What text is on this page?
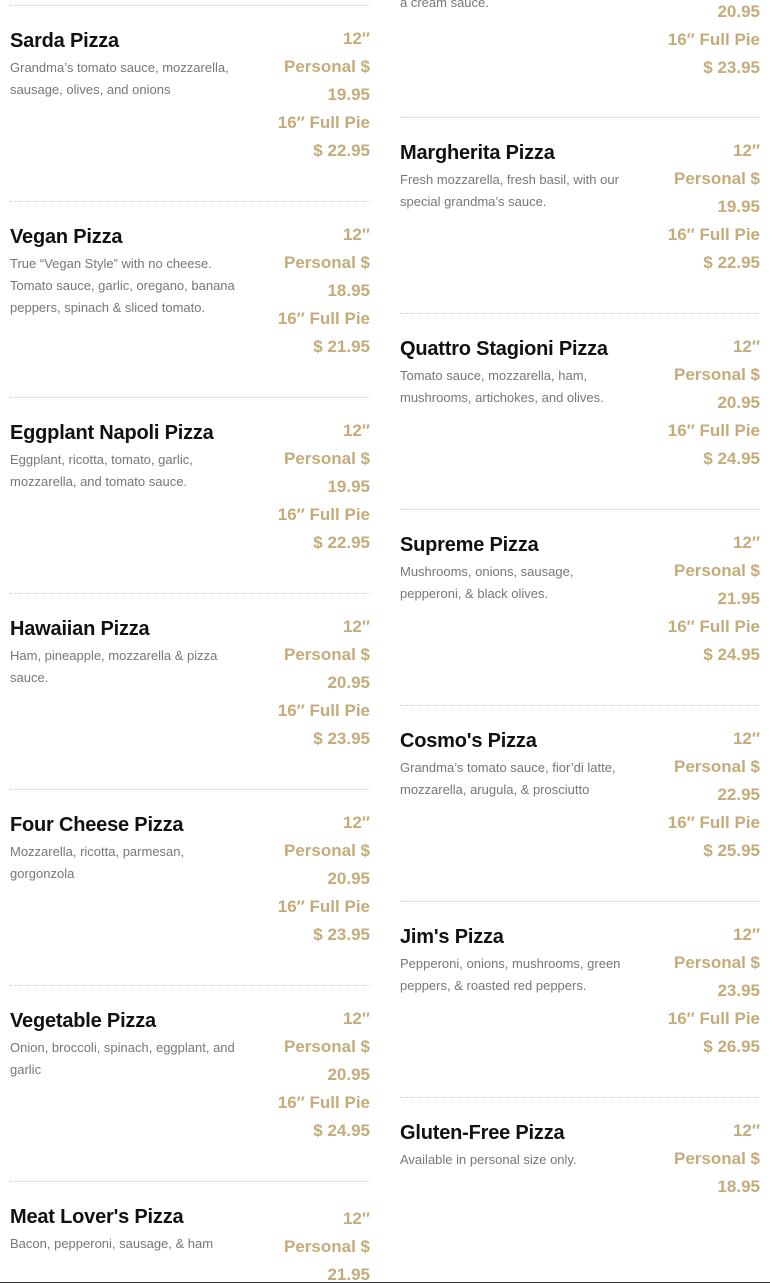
Sarda Pizza
Grandma’s tomato sauce, mozzarella, sausage, olives, and onions
12″
Personal $
19.95
16″ Full Pie
$ 22.95
Vegan Pizza
True “Vegan Style” with no cheese. Tomato sauce, garlic, oregano, banana peppers, spinach & sliced tomato.
12″
Personal $
18.95
16″ Full Pie
$ 21.95
Eggplant Napoli Pizza
Eggplant, ricotta, tomato, garlic, mozzarella, and tomato sauce.
12″
Personal $
19.95
16″ Full Pie
$ 22.95
Hawaiian Pizza
Ham, pineapple, mozzarella & pizza sauce.
12″
Personal $
20.95
16″ Full Pie
$ 23.95
Four Cheese Pizza
Mozzarella, ricotta, parmesan, gorgonzola
12″
Personal $
20.95
16″ Full Pie
$ 23.95
Vegetable Pizza
Onion, broccoli, spinach, eggplant, and garlic
12″
Personal $
20.95
16″ Full Pie
$ 24.95
Meat Lover's Pizza
Bacon, pepperoni, sausage, & ham
12″
Personal $
21.95
a cream sauce.	20.95
16″ Full Pie
$ 23.95
Margherita Pizza
Fresh mozzarella, fresh basil, with our special grandma’s sauce.
12″
Personal $
19.95
16″ Full Pie
$ 22.95
Quattro Stagioni Pizza
Tomato sauce, mozzarella, ham, mushrooms, artichokes, and olives.
12″
Personal $
20.95
16″ Full Pie
$ 24.95
Supreme Pizza
Mushrooms, onions, sausage, pepperoni, & black olives.
12″
Personal $
21.95
16″ Full Pie
$ 24.95
Cosmo's Pizza
Grandma’s tomato sauce, fior’di latte, mozzarella, arugula, & prosciutto
12″
Personal $
22.95
16″ Full Pie
$ 25.95
Jim's Pizza
Pepperoni, onions, mushrooms, green peppers, & roasted red peppers.
12″
Personal $
23.95
16″ Full Pie
$ 26.95
Gluten-Free Pizza
Available in personal size only.
12″
Personal $
18.95
